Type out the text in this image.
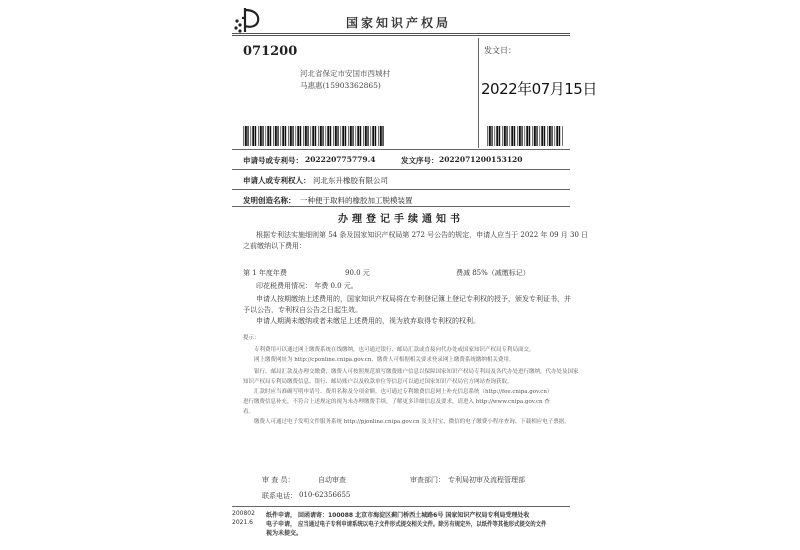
国家知识产权局
071200
河北省保定市安国市西城村
马惠惠(15903362865)
发文日：
2022年07月15日
申请号或专利号： 202220775779.4	发文序号： 2022071200153120
申请人或专利权人： 河北东升橡胶有限公司
发明创造名称： 一种便于取料的橡胶加工脱模装置
办理登记手续通知书
根据专利法实施细则第 54 条及国家知识产权局第 272 号公告的规定，申请人应当于 2022 年 09 月 30 日
之前缴纳以下费用：
第 1 年度年费	90.0 元	费减 85%（减缴标记）
印花税费用情况： 年费 0.0 元。
申请人按期缴纳上述费用的，国家知识产权局将在专利登记簿上登记专利权的授予，颁发专利证书，并
予以公告，专利权自公告之日起生效。
申请人期满未缴纳或者未缴足上述费用的，视为放弃取得专利权的权利。
提示：
专利费用可以通过网上缴费系统在线缴纳，也可通过银行、邮局汇款或直接向代办处或国家知识产权局专利局面交。
网上缴费网址为 http://cponline.cnipa.gov.cn，缴费人可根据相关要求登录网上缴费系统缴纳相关费用。
银行、邮局汇款及办理交缴费，缴费人可按照规范填写缴费账户信息以保障国家知识产权局专利局及各代办处进行缴纳，代办处及国家
知识产权局专利局缴费信息。银行、邮局账户以及收款单位等信息可以通过国家知识产权局官方网站查询获取。
汇款时应当准确写明申请号、费用名称及分项金额。也可通过专利缴费信息网上补充信息系统（http://fee.cnipa.gov.cn）
进行缴费信息补充，不符合上述规定的视为未办理缴费手续，了解更多详细信息及要求，请进入 http://www.cnipa.gov.cn 查
看。
缴费人可通过电子发明文件服务系统 http://pjonline.cnipa.gov.cn 及支付宝、微信的电子缴费小程序查询、下载相应电子票据。
审 查 员：	自动审查	审查部门： 专利局初审及流程管理部
联系电话： 010-62356655
200802
2021.6
纸件申请， 回函请寄：100088 北京市海淀区蓟门桥西土城路6号 国家知识产权局专利局受理处收
电子申请， 应当通过电子专利申请系统以电子文件形式提交相关文件。除另有规定外，以纸件等其他形式提交的文件
视为未提交。
